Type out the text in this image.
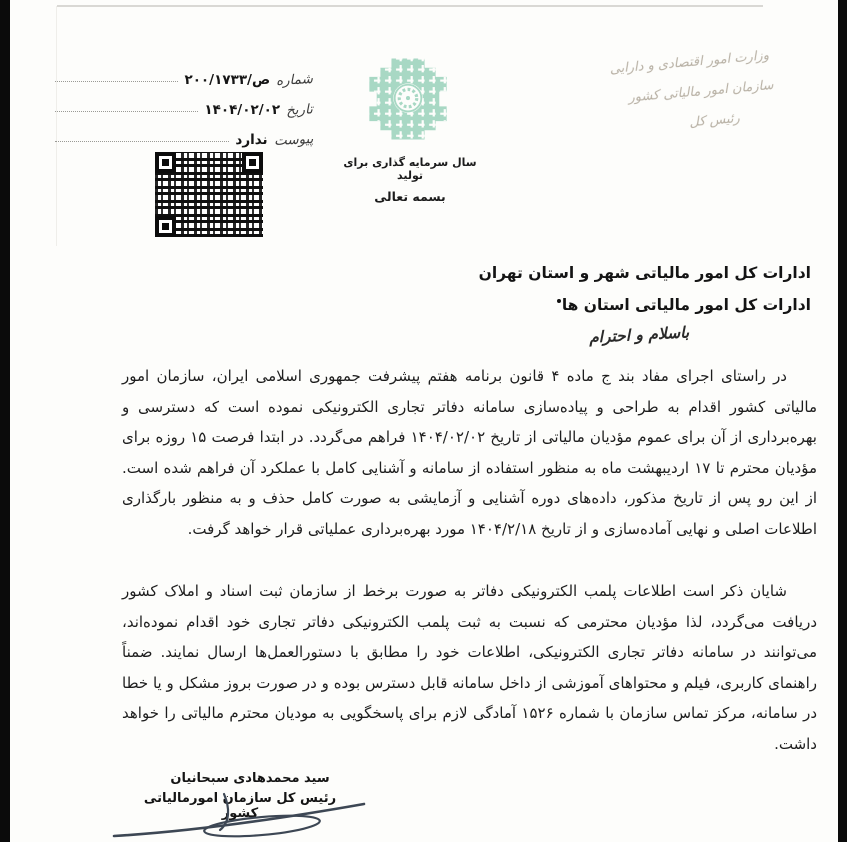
شماره
۲۰۰/۱۷۳۳/ص
تاریخ
۱۴۰۴/۰۲/۰۲
پیوست
ندارد
سال سرمایه گذاری برای تولید
بسمه تعالی
وزارت امور اقتصادی و دارایی
سازمان امور مالیاتی کشور
رئیس کل
ادارات کل امور مالیاتی شهر و استان تهران
ادارات کل امور مالیاتی استان ها
باسلام و احترام

در راستای اجرای مفاد بند ج ماده ۴ قانون برنامه هفتم پیشرفت جمهوری اسلامی ایران، سازمان امور مالیاتی کشور اقدام به طراحی و پیاده‌سازی سامانه دفاتر تجاری الکترونیکی نموده است که دسترسی و بهره‌برداری از آن برای عموم مؤدیان مالیاتی از تاریخ ۱۴۰۴/۰۲/۰۲ فراهم می‌گردد. در ابتدا فرصت ۱۵ روزه برای مؤدیان محترم تا ۱۷ اردیبهشت ماه به منظور استفاده از سامانه و آشنایی کامل با عملکرد آن فراهم شده است. از این رو پس از تاریخ مذکور، داده‌های دوره آشنایی و آزمایشی به صورت کامل حذف و به منظور بارگذاری اطلاعات اصلی و نهایی آماده‌سازی و از تاریخ ۱۴۰۴/۲/۱۸ مورد بهره‌برداری عملیاتی قرار خواهد گرفت.

شایان ذکر است اطلاعات پلمب الکترونیکی دفاتر به صورت برخط از سازمان ثبت اسناد و املاک کشور دریافت می‌گردد، لذا مؤدیان محترمی که نسبت به ثبت پلمب الکترونیکی دفاتر تجاری خود اقدام نموده‌اند، می‌توانند در سامانه دفاتر تجاری الکترونیکی، اطلاعات خود را مطابق با دستورالعمل‌ها ارسال نمایند. ضمناً راهنمای کاربری، فیلم و محتواهای آموزشی از داخل سامانه قابل دسترس بوده و در صورت بروز مشکل و یا خطا در سامانه، مرکز تماس سازمان با شماره ۱۵۲۶ آمادگی لازم برای پاسخگویی به مودیان محترم مالیاتی را خواهد داشت.

سید محمدهادی سبحانیان
رئیس کل سازمان امورمالیاتی کشور
